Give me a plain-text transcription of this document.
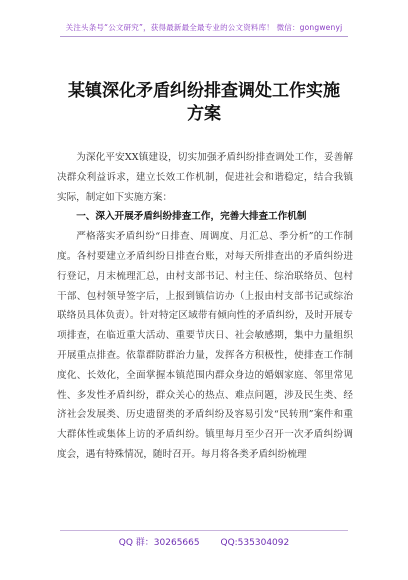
关注头条号“公文研究”，获得最新最全最专业的公文资料库！ 微信：gongwenyj
某镇深化矛盾纠纷排查调处工作实施
方案

为深化平安XX镇建设，切实加强矛盾纠纷排查调处工作，妥善解决群众利益诉求，建立长效工作机制，促进社会和谐稳定，结合我镇实际，制定如下实施方案：

一、深入开展矛盾纠纷排查工作，完善大排查工作机制

严格落实矛盾纠纷“日排查、周调度、月汇总、季分析”的工作制度。各村要建立矛盾纠纷日排查台账，对每天所排查出的矛盾纠纷进行登记，月末梳理汇总，由村支部书记、村主任、综治联络员、包村干部、包村领导签字后，上报到镇信访办（上报由村支部书记或综治联络员具体负责）。针对特定区域带有倾向性的矛盾纠纷，及时开展专项排查，在临近重大活动、重要节庆日、社会敏感期，集中力量组织开展重点排查。依靠群防群治力量，发挥各方积极性，使排查工作制度化、长效化，全面掌握本镇范围内群众身边的婚姻家庭、邻里常见性、多发性矛盾纠纷，群众关心的热点、难点问题，涉及民生类、经济社会发展类、历史遗留类的矛盾纠纷及容易引发“民转刑”案件和重大群体性或集体上访的矛盾纠纷。镇里每月至少召开一次矛盾纠纷调度会，遇有特殊情况，随时召开。每月将各类矛盾纠纷梳理

QQ 群：30265665 QQ:535304092
